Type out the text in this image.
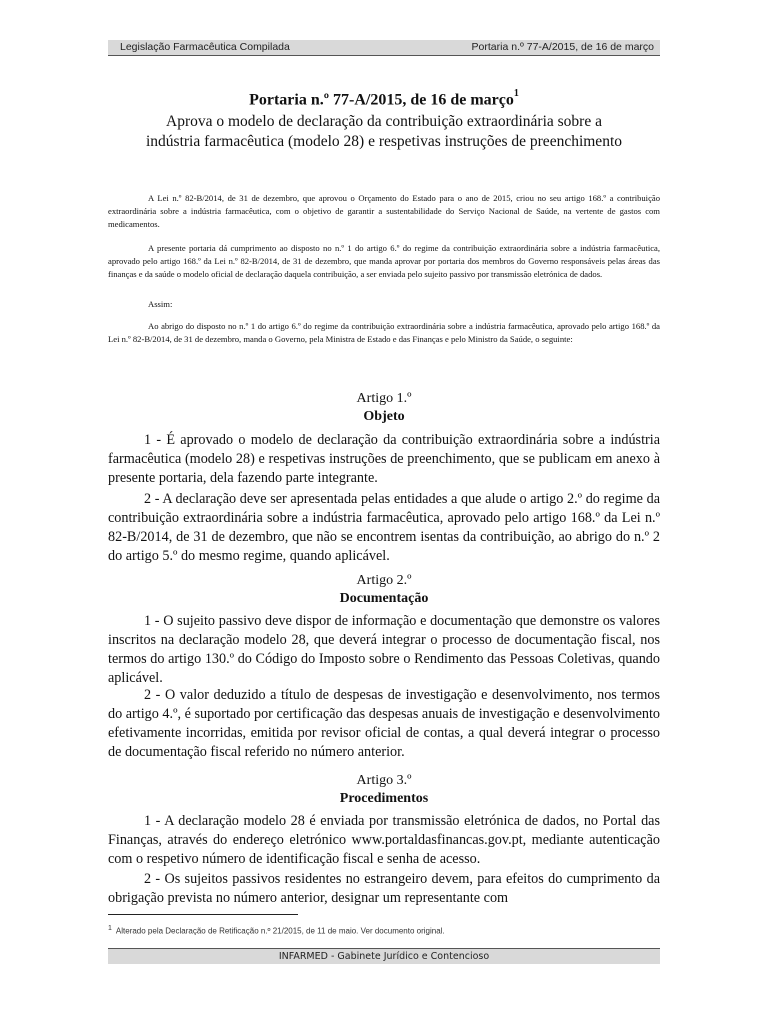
Legislação Farmacêutica Compilada	Portaria n.º 77-A/2015, de 16 de março
Portaria n.º 77-A/2015, de 16 de março$^1$
Aprova o modelo de declaração da contribuição extraordinária sobre a indústria farmacêutica (modelo 28) e respetivas instruções de preenchimento

A Lei n.º 82-B/2014, de 31 de dezembro, que aprovou o Orçamento do Estado para o ano de 2015, criou no seu artigo 168.º a contribuição extraordinária sobre a indústria farmacêutica, com o objetivo de garantir a sustentabilidade do Serviço Nacional de Saúde, na vertente de gastos com medicamentos.

A presente portaria dá cumprimento ao disposto no n.º 1 do artigo 6.º do regime da contribuição extraordinária sobre a indústria farmacêutica, aprovado pelo artigo 168.º da Lei n.º 82-B/2014, de 31 de dezembro, que manda aprovar por portaria dos membros do Governo responsáveis pelas áreas das finanças e da saúde o modelo oficial de declaração daquela contribuição, a ser enviada pelo sujeito passivo por transmissão eletrónica de dados.

Assim:

Ao abrigo do disposto no n.º 1 do artigo 6.º do regime da contribuição extraordinária sobre a indústria farmacêutica, aprovado pelo artigo 168.º da Lei n.º 82-B/2014, de 31 de dezembro, manda o Governo, pela Ministra de Estado e das Finanças e pelo Ministro da Saúde, o seguinte:

Artigo 1.º
Objeto

1 - É aprovado o modelo de declaração da contribuição extraordinária sobre a indústria farmacêutica (modelo 28) e respetivas instruções de preenchimento, que se publicam em anexo à presente portaria, dela fazendo parte integrante.

2 - A declaração deve ser apresentada pelas entidades a que alude o artigo 2.º do regime da contribuição extraordinária sobre a indústria farmacêutica, aprovado pelo artigo 168.º da Lei n.º 82-B/2014, de 31 de dezembro, que não se encontrem isentas da contribuição, ao abrigo do n.º 2 do artigo 5.º do mesmo regime, quando aplicável.

Artigo 2.º
Documentação

1 - O sujeito passivo deve dispor de informação e documentação que demonstre os valores inscritos na declaração modelo 28, que deverá integrar o processo de documentação fiscal, nos termos do artigo 130.º do Código do Imposto sobre o Rendimento das Pessoas Coletivas, quando aplicável.

2 - O valor deduzido a título de despesas de investigação e desenvolvimento, nos termos do artigo 4.º, é suportado por certificação das despesas anuais de investigação e desenvolvimento efetivamente incorridas, emitida por revisor oficial de contas, a qual deverá integrar o processo de documentação fiscal referido no número anterior.

Artigo 3.º
Procedimentos

1 - A declaração modelo 28 é enviada por transmissão eletrónica de dados, no Portal das Finanças, através do endereço eletrónico www.portaldasfinancas.gov.pt, mediante autenticação com o respetivo número de identificação fiscal e senha de acesso.

2 - Os sujeitos passivos residentes no estrangeiro devem, para efeitos do cumprimento da obrigação prevista no número anterior, designar um representante com

$^1$ Alterado pela Declaração de Retificação n.º 21/2015, de 11 de maio. Ver documento original.
INFARMED - Gabinete Jurídico e Contencioso
